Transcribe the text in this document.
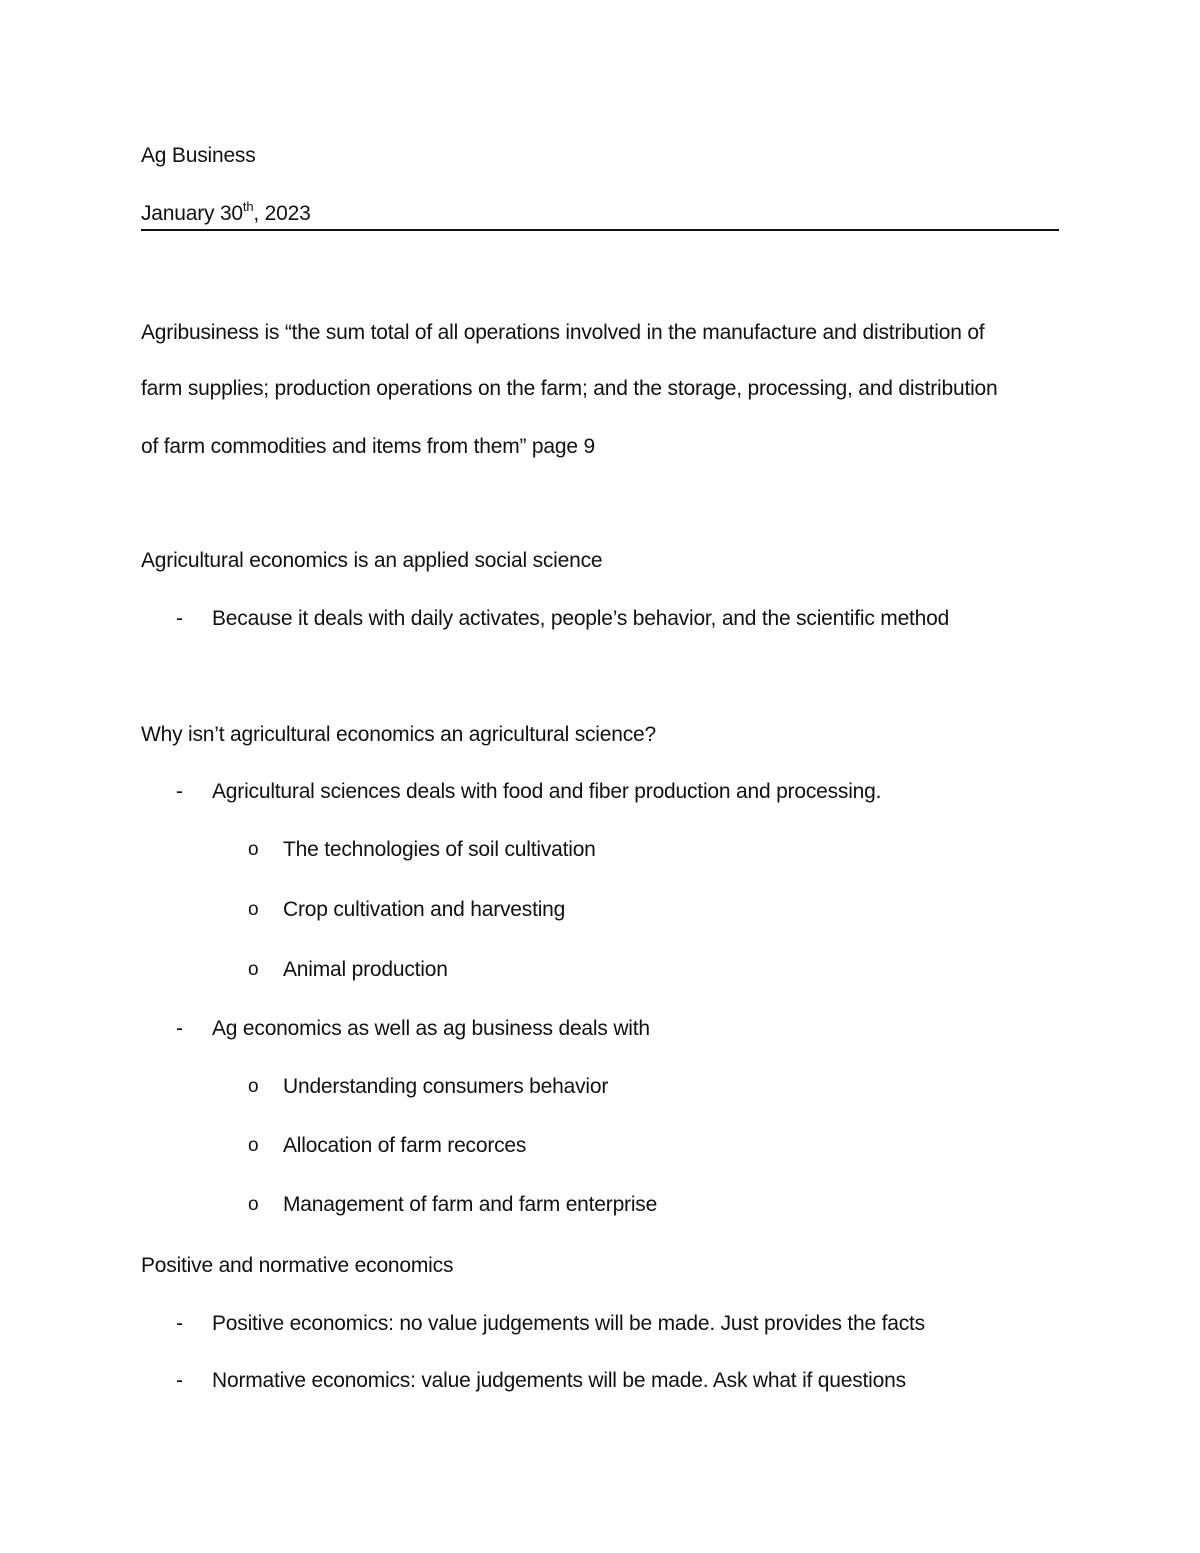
Ag Business
January 30th, 2023
Agribusiness is “the sum total of all operations involved in the manufacture and distribution of
farm supplies; production operations on the farm; and the storage, processing, and distribution
of farm commodities and items from them” page 9
Agricultural economics is an applied social science
- Because it deals with daily activates, people’s behavior, and the scientific method
Why isn’t agricultural economics an agricultural science?
- Agricultural sciences deals with food and fiber production and processing.
o The technologies of soil cultivation
o Crop cultivation and harvesting
o Animal production
- Ag economics as well as ag business deals with
o Understanding consumers behavior
o Allocation of farm recorces
o Management of farm and farm enterprise
Positive and normative economics
- Positive economics: no value judgements will be made. Just provides the facts
- Normative economics: value judgements will be made. Ask what if questions
